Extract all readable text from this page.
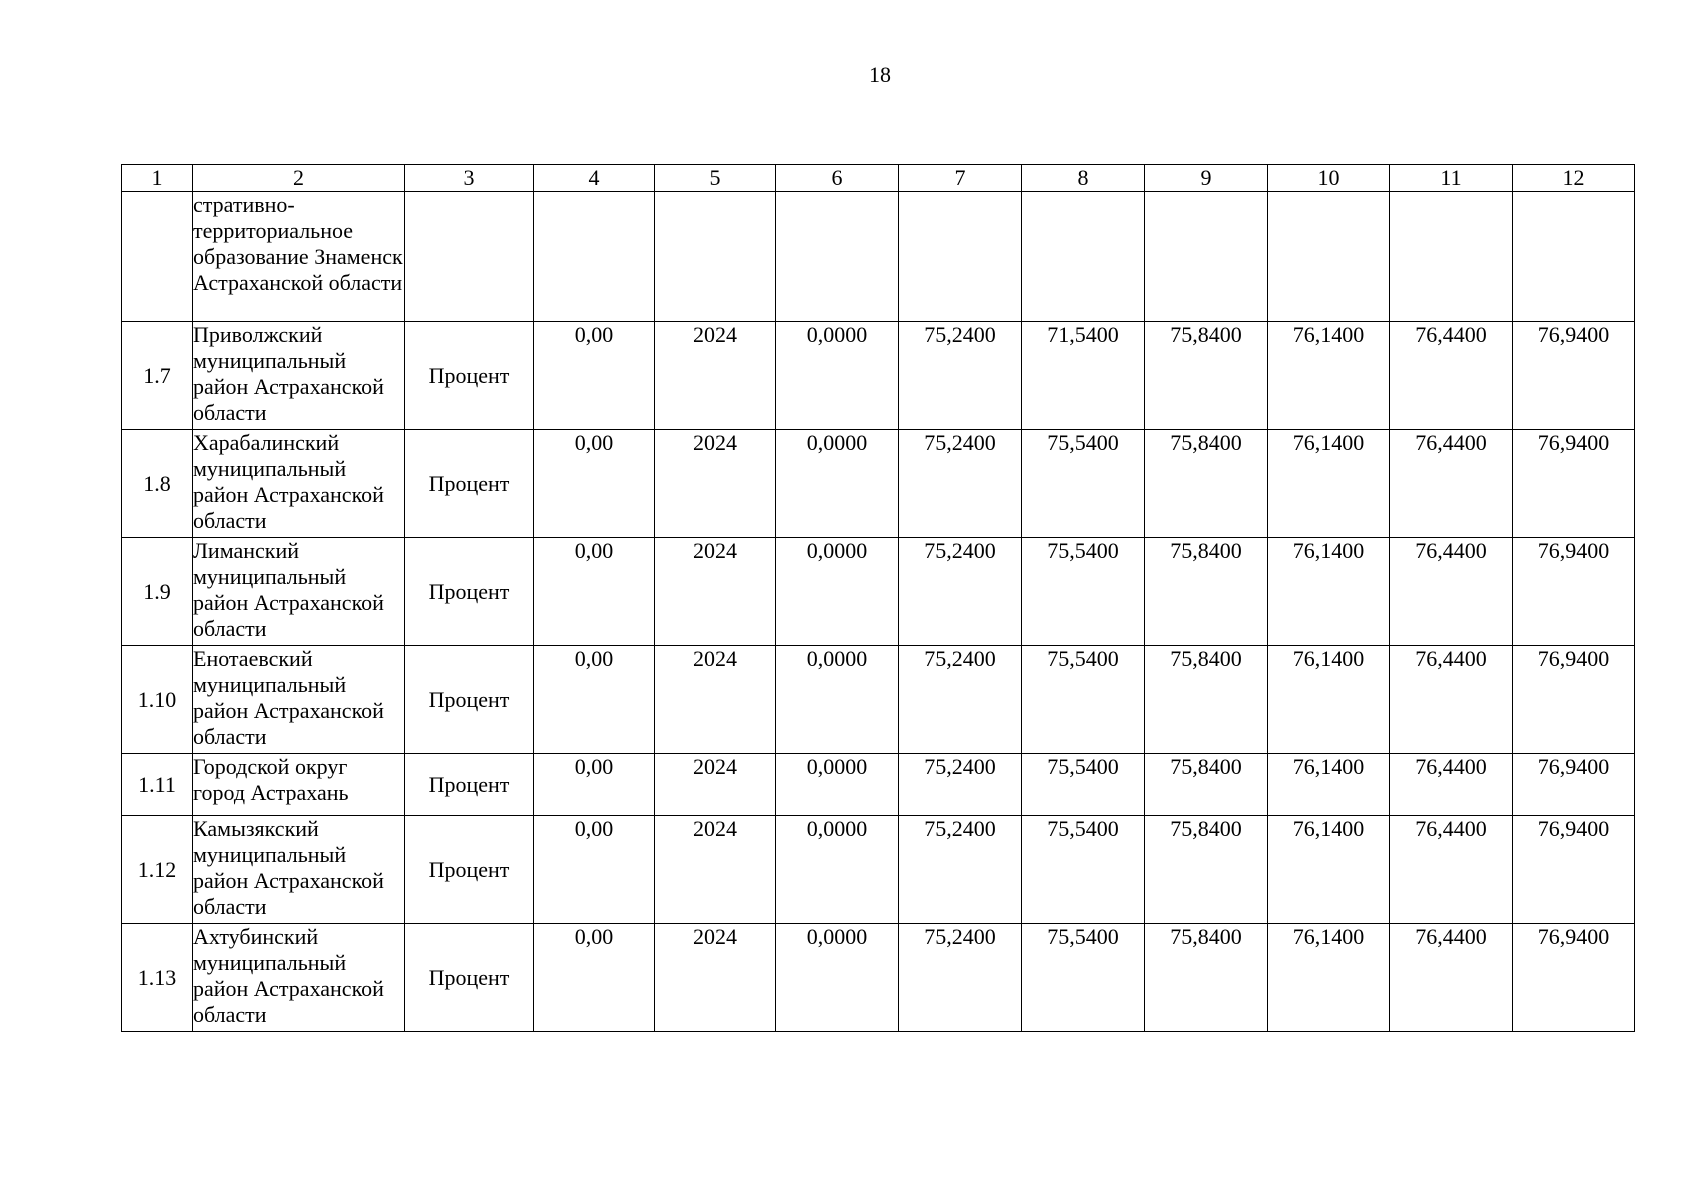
18
1	2	3	4	5	6	7	8	9	10	11	12
	стративно-территориальное образование Знаменск Астраханской области										
1.7	Приволжский муниципальный район Астраханской области	Процент	0,00	2024	0,0000	75,2400	71,5400	75,8400	76,1400	76,4400	76,9400
1.8	Харабалинский муниципальный район Астраханской области	Процент	0,00	2024	0,0000	75,2400	75,5400	75,8400	76,1400	76,4400	76,9400
1.9	Лиманский муниципальный район Астраханской области	Процент	0,00	2024	0,0000	75,2400	75,5400	75,8400	76,1400	76,4400	76,9400
1.10	Енотаевский муниципальный район Астраханской области	Процент	0,00	2024	0,0000	75,2400	75,5400	75,8400	76,1400	76,4400	76,9400
1.11	Городской округ город Астрахань	Процент	0,00	2024	0,0000	75,2400	75,5400	75,8400	76,1400	76,4400	76,9400
1.12	Камызякский муниципальный район Астраханской области	Процент	0,00	2024	0,0000	75,2400	75,5400	75,8400	76,1400	76,4400	76,9400
1.13	Ахтубинский муниципальный район Астраханской области	Процент	0,00	2024	0,0000	75,2400	75,5400	75,8400	76,1400	76,4400	76,9400
